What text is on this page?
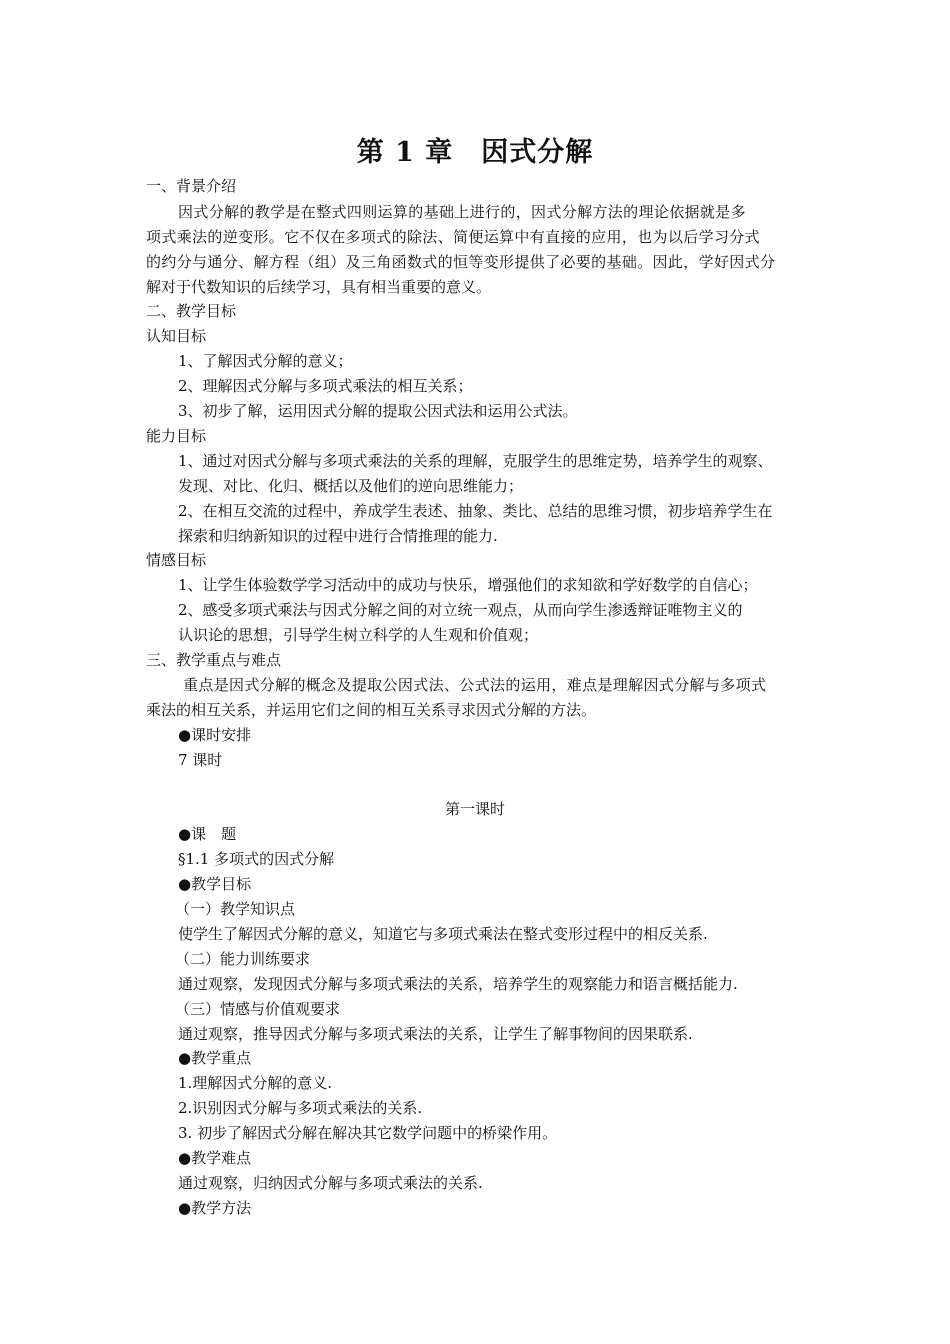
第 1 章　因式分解
一、背景介绍
因式分解的教学是在整式四则运算的基础上进行的，因式分解方法的理论依据就是多
项式乘法的逆变形。它不仅在多项式的除法、简便运算中有直接的应用，也为以后学习分式
的约分与通分、解方程（组）及三角函数式的恒等变形提供了必要的基础。因此，学好因式分
解对于代数知识的后续学习，具有相当重要的意义。
二、教学目标
认知目标
1、了解因式分解的意义；
2、理解因式分解与多项式乘法的相互关系；
3、初步了解，运用因式分解的提取公因式法和运用公式法。
能力目标
1、通过对因式分解与多项式乘法的关系的理解，克服学生的思维定势，培养学生的观察、
发现、对比、化归、概括以及他们的逆向思维能力；
2、在相互交流的过程中，养成学生表述、抽象、类比、总结的思维习惯，初步培养学生在
探索和归纳新知识的过程中进行合情推理的能力.
情感目标
1、让学生体验数学学习活动中的成功与快乐，增强他们的求知欲和学好数学的自信心；
2、感受多项式乘法与因式分解之间的对立统一观点，从而向学生渗透辩证唯物主义的
认识论的思想，引导学生树立科学的人生观和价值观；
三、教学重点与难点
重点是因式分解的概念及提取公因式法、公式法的运用，难点是理解因式分解与多项式
乘法的相互关系，并运用它们之间的相互关系寻求因式分解的方法。
●课时安排
7 课时
第一课时
●课　题
§1.1 多项式的因式分解
●教学目标
（一）教学知识点
使学生了解因式分解的意义，知道它与多项式乘法在整式变形过程中的相反关系.
（二）能力训练要求
通过观察，发现因式分解与多项式乘法的关系，培养学生的观察能力和语言概括能力.
（三）情感与价值观要求
通过观察，推导因式分解与多项式乘法的关系，让学生了解事物间的因果联系.
●教学重点
1.理解因式分解的意义.
2.识别因式分解与多项式乘法的关系.
3. 初步了解因式分解在解决其它数学问题中的桥梁作用。
●教学难点
通过观察，归纳因式分解与多项式乘法的关系.
●教学方法
